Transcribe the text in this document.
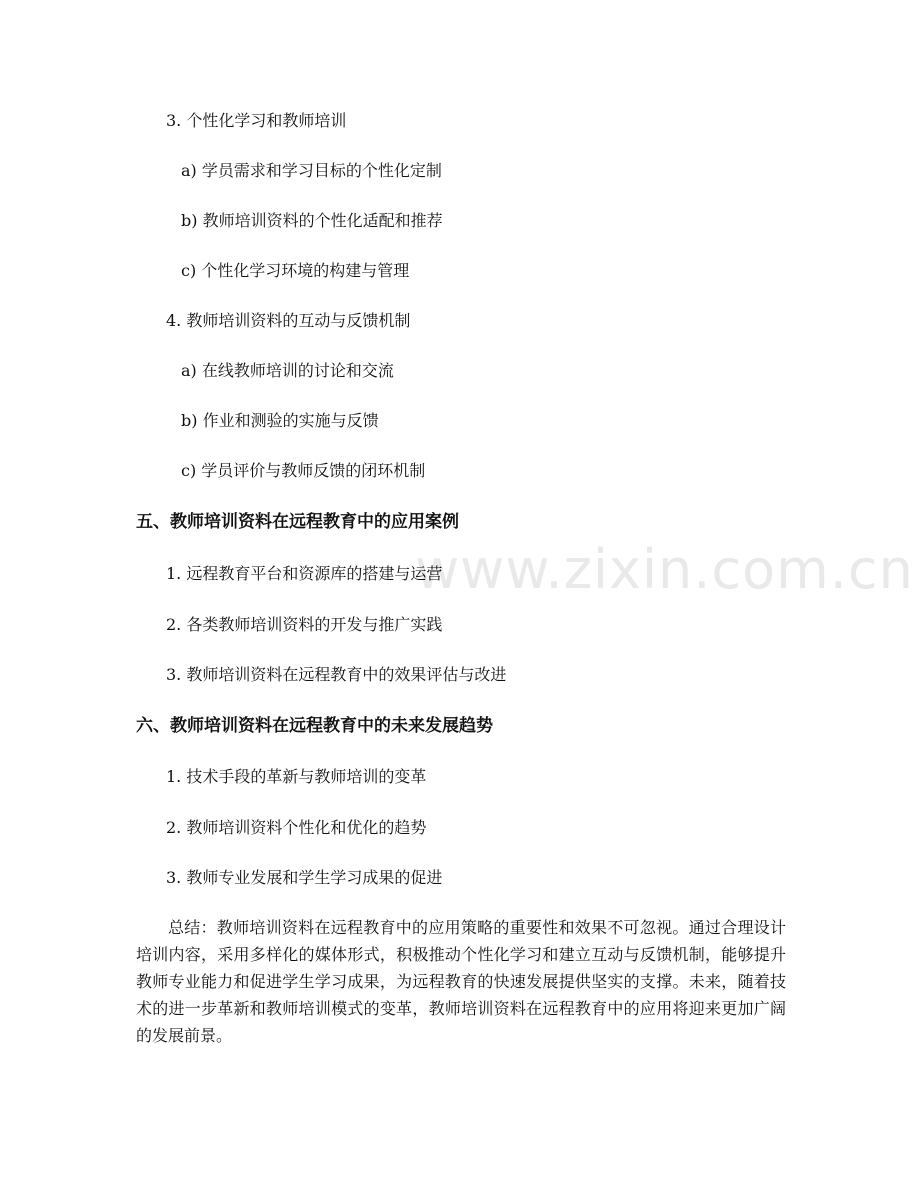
www.zixin.com.cn
3. 个性化学习和教师培训
a) 学员需求和学习目标的个性化定制
b) 教师培训资料的个性化适配和推荐
c) 个性化学习环境的构建与管理
4. 教师培训资料的互动与反馈机制
a) 在线教师培训的讨论和交流
b) 作业和测验的实施与反馈
c) 学员评价与教师反馈的闭环机制
五、教师培训资料在远程教育中的应用案例
1. 远程教育平台和资源库的搭建与运营
2. 各类教师培训资料的开发与推广实践
3. 教师培训资料在远程教育中的效果评估与改进
六、教师培训资料在远程教育中的未来发展趋势
1. 技术手段的革新与教师培训的变革
2. 教师培训资料个性化和优化的趋势
3. 教师专业发展和学生学习成果的促进
总结：教师培训资料在远程教育中的应用策略的重要性和效果不可忽视。通过合理设计培训内容，采用多样化的媒体形式，积极推动个性化学习和建立互动与反馈机制，能够提升教师专业能力和促进学生学习成果，为远程教育的快速发展提供坚实的支撑。未来，随着技术的进一步革新和教师培训模式的变革，教师培训资料在远程教育中的应用将迎来更加广阔的发展前景。
